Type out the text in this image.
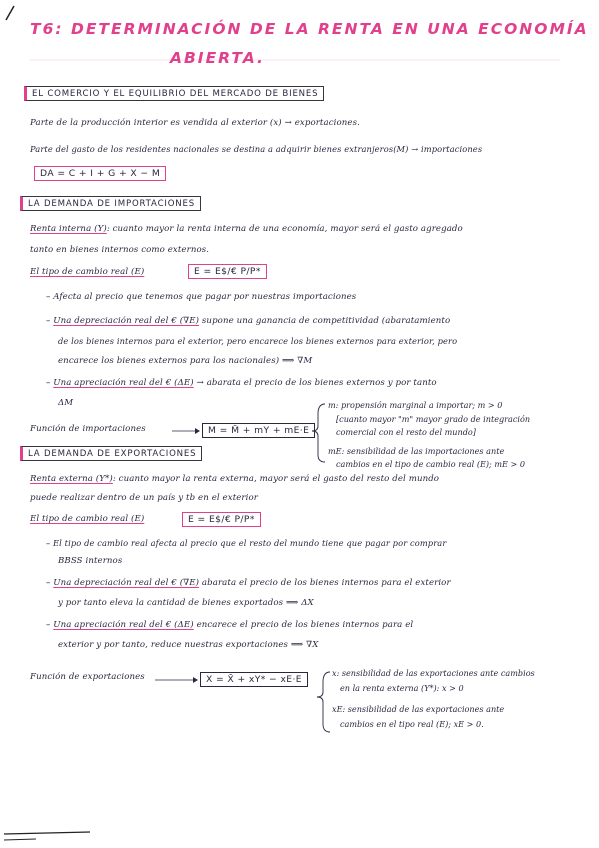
T6: DETERMINACIÓN DE LA RENTA EN UNA ECONOMÍA
ABIERTA.
EL COMERCIO Y EL EQUILIBRIO DEL MERCADO DE BIENES
Parte de la producción interior es vendida al exterior (x) → exportaciones.
Parte del gasto de los residentes nacionales se destina a adquirir bienes extranjeros(M) → importaciones
DA = C + I + G + X − M
LA DEMANDA DE IMPORTACIONES
Renta interna (Y): cuanto mayor la renta interna de una economía, mayor será el gasto agregado
tanto en bienes internos como externos.
El tipo de cambio real (E)	E = E$/€ P/P*
– Afecta al precio que tenemos que pagar por nuestras importaciones
– Una depreciación real del € (∇E) supone una ganancia de competitividad (abaratamiento
de los bienes internos para el exterior, pero encarece los bienes externos para exterior, pero
encarece los bienes externos para los nacionales) ⟹ ∇M
– Una apreciación real del € (ΔE) → abarata el precio de los bienes externos y por tanto
ΔM
Función de importaciones	M = M̄ + mY + mE·E
m: propensión marginal a importar; m > 0
[cuanto mayor "m" mayor grado de integración
comercial con el resto del mundo]
mE: sensibilidad de las importaciones ante
cambios en el tipo de cambio real (E); mE > 0
LA DEMANDA DE EXPORTACIONES
Renta externa (Y*): cuanto mayor la renta externa, mayor será el gasto del resto del mundo
puede realizar dentro de un país y tb en el exterior
El tipo de cambio real (E)	E = E$/€ P/P*
– El tipo de cambio real afecta al precio que el resto del mundo tiene que pagar por comprar
BBSS internos
– Una depreciación real del € (∇E) abarata el precio de los bienes internos para el exterior
y por tanto eleva la cantidad de bienes exportados ⟹ ΔX
– Una apreciación real del € (ΔE) encarece el precio de los bienes internos para el
exterior y por tanto, reduce nuestras exportaciones ⟹ ∇X
Función de exportaciones	X = X̄ + xY* − xE·E
x: sensibilidad de las exportaciones ante cambios
en la renta externa (Y*): x > 0
xE: sensibilidad de las exportaciones ante
cambios en el tipo real (E); xE > 0.
